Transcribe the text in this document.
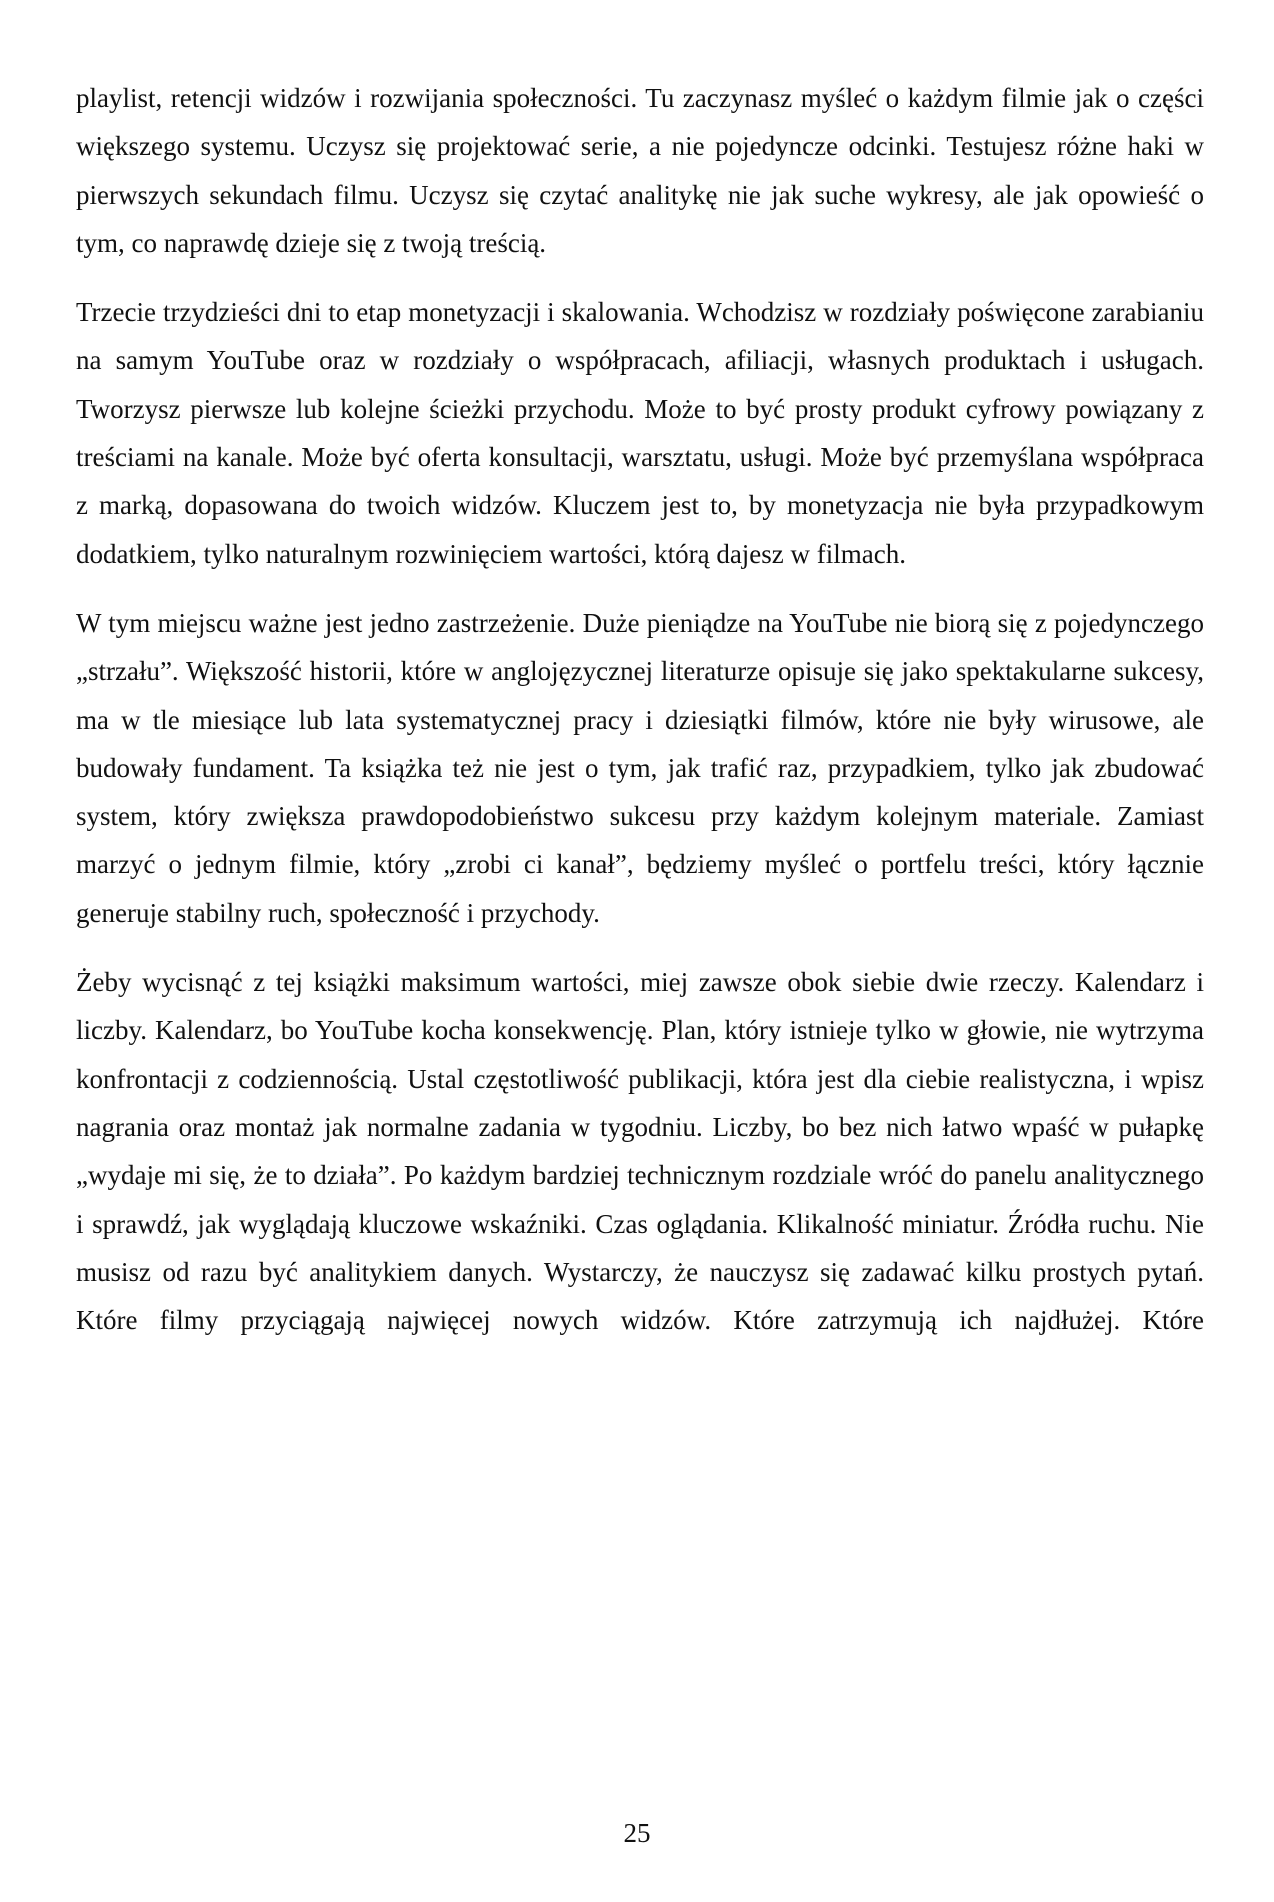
playlist, retencji widzów i rozwijania społeczności. Tu zaczynasz myśleć o każdym filmie jak o części większego systemu. Uczysz się projektować serie, a nie pojedyncze odcinki. Testujesz różne haki w pierwszych sekundach filmu. Uczysz się czytać analitykę nie jak suche wykresy, ale jak opowieść o tym, co naprawdę dzieje się z twoją treścią.

Trzecie trzydzieści dni to etap monetyzacji i skalowania. Wchodzisz w rozdziały poświęcone zarabianiu na samym YouTube oraz w rozdziały o współpracach, afiliacji, własnych produktach i usługach. Tworzysz pierwsze lub kolejne ścieżki przychodu. Może to być prosty produkt cyfrowy powiązany z treściami na kanale. Może być oferta konsultacji, warsztatu, usługi. Może być przemyślana współpraca z marką, dopasowana do twoich widzów. Kluczem jest to, by monetyzacja nie była przypadkowym dodatkiem, tylko naturalnym rozwinięciem wartości, którą dajesz w filmach.

W tym miejscu ważne jest jedno zastrzeżenie. Duże pieniądze na YouTube nie biorą się z pojedynczego „strzału”. Większość historii, które w anglojęzycznej literaturze opisuje się jako spektakularne sukcesy, ma w tle miesiące lub lata systematycznej pracy i dziesiątki filmów, które nie były wirusowe, ale budowały fundament. Ta książka też nie jest o tym, jak trafić raz, przypadkiem, tylko jak zbudować system, który zwiększa prawdopodobieństwo sukcesu przy każdym kolejnym materiale. Zamiast marzyć o jednym filmie, który „zrobi ci kanał”, będziemy myśleć o portfelu treści, który łącznie generuje stabilny ruch, społeczność i przychody.

Żeby wycisnąć z tej książki maksimum wartości, miej zawsze obok siebie dwie rzeczy. Kalendarz i liczby. Kalendarz, bo YouTube kocha konsekwencję. Plan, który istnieje tylko w głowie, nie wytrzyma konfrontacji z codziennością. Ustal częstotliwość publikacji, która jest dla ciebie realistyczna, i wpisz nagrania oraz montaż jak normalne zadania w tygodniu. Liczby, bo bez nich łatwo wpaść w pułapkę „wydaje mi się, że to działa”. Po każdym bardziej technicznym rozdziale wróć do panelu analitycznego i sprawdź, jak wyglądają kluczowe wskaźniki. Czas oglądania. Klikalność miniatur. Źródła ruchu. Nie musisz od razu być analitykiem danych. Wystarczy, że nauczysz się zadawać kilku prostych pytań. Które filmy przyciągają najwięcej nowych widzów. Które zatrzymują ich najdłużej. Które

25
